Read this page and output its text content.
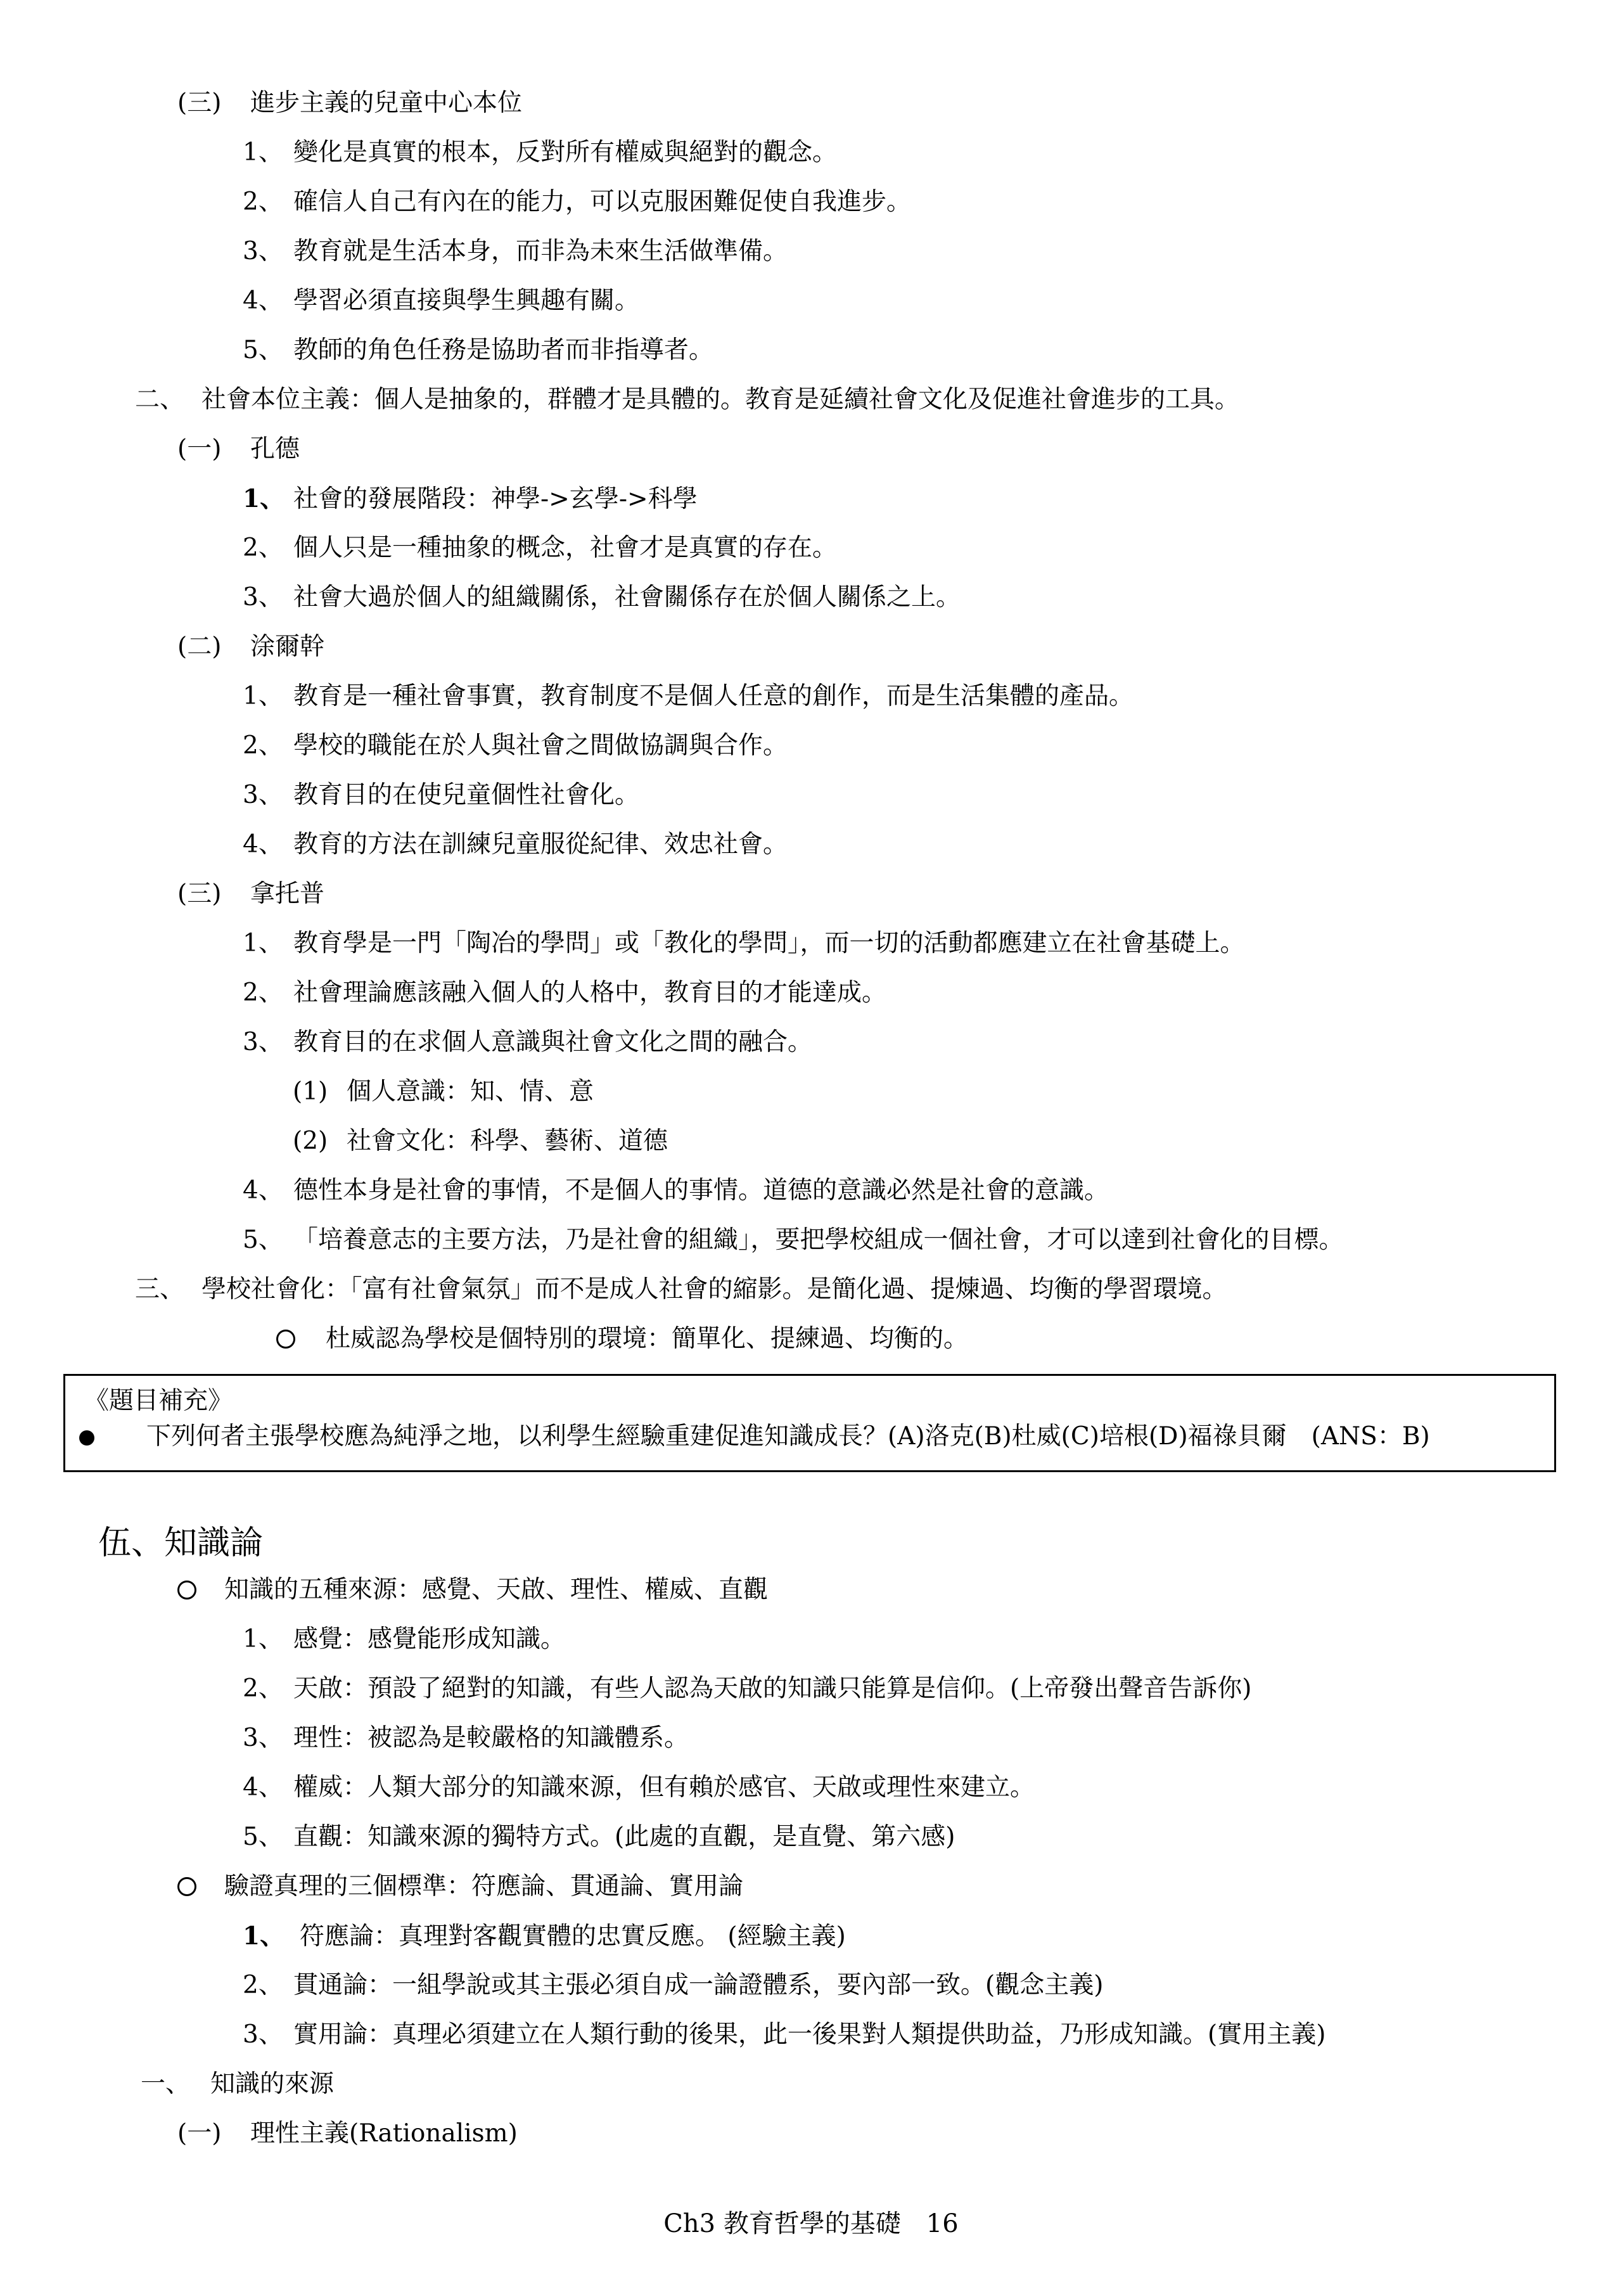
(三) 進步主義的兒童中心本位
1、 變化是真實的根本，反對所有權威與絕對的觀念。
2、 確信人自己有內在的能力，可以克服困難促使自我進步。
3、 教育就是生活本身，而非為未來生活做準備。
4、 學習必須直接與學生興趣有關。
5、 教師的角色任務是協助者而非指導者。
二、 社會本位主義：個人是抽象的，群體才是具體的。教育是延續社會文化及促進社會進步的工具。
(一) 孔德
1、 社會的發展階段：神學->玄學->科學
2、 個人只是一種抽象的概念，社會才是真實的存在。
3、 社會大過於個人的組織關係，社會關係存在於個人關係之上。
(二) 涂爾幹
1、 教育是一種社會事實，教育制度不是個人任意的創作，而是生活集體的產品。
2、 學校的職能在於人與社會之間做協調與合作。
3、 教育目的在使兒童個性社會化。
4、 教育的方法在訓練兒童服從紀律、效忠社會。
(三) 拿托普
1、 教育學是一門「陶冶的學問」或「教化的學問」，而一切的活動都應建立在社會基礎上。
2、 社會理論應該融入個人的人格中，教育目的才能達成。
3、 教育目的在求個人意識與社會文化之間的融合。
(1) 個人意識：知、情、意
(2) 社會文化：科學、藝術、道德
4、 德性本身是社會的事情，不是個人的事情。道德的意識必然是社會的意識。
5、 「培養意志的主要方法，乃是社會的組織」，要把學校組成一個社會，才可以達到社會化的目標。
三、 學校社會化：「富有社會氣氛」而不是成人社會的縮影。是簡化過、提煉過、均衡的學習環境。
杜威認為學校是個特別的環境：簡單化、提練過、均衡的。
《題目補充》
下列何者主張學校應為純淨之地，以利學生經驗重建促進知識成長？(A)洛克(B)杜威(C)培根(D)福祿貝爾　(ANS：B)
伍、知識論
知識的五種來源：感覺、天啟、理性、權威、直觀
1、 感覺：感覺能形成知識。
2、 天啟：預設了絕對的知識，有些人認為天啟的知識只能算是信仰。(上帝發出聲音告訴你)
3、 理性：被認為是較嚴格的知識體系。
4、 權威：人類大部分的知識來源，但有賴於感官、天啟或理性來建立。
5、 直觀：知識來源的獨特方式。(此處的直觀，是直覺、第六感)
驗證真理的三個標準：符應論、貫通論、實用論
1、 符應論：真理對客觀實體的忠實反應。 (經驗主義)
2、 貫通論：一組學說或其主張必須自成一論證體系，要內部一致。(觀念主義)
3、 實用論：真理必須建立在人類行動的後果，此一後果對人類提供助益，乃形成知識。(實用主義)
一、 知識的來源
(一) 理性主義(Rationalism)
Ch3 教育哲學的基礎　16
